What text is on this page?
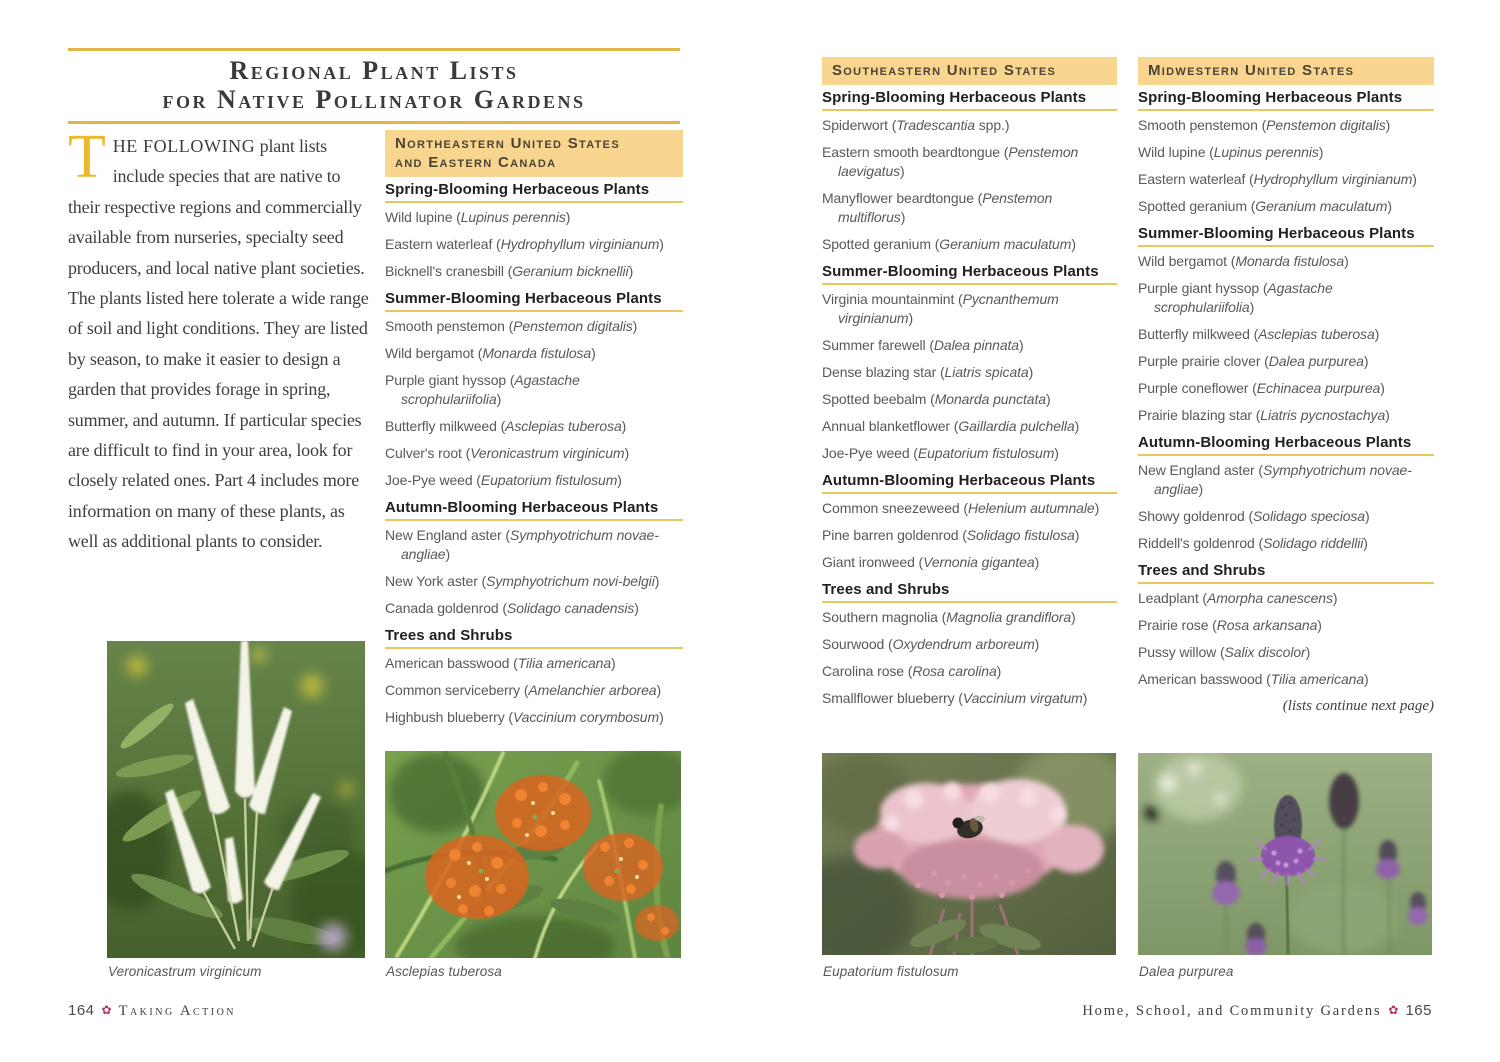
Regional Plant Lists
for Native Pollinator Gardens
THE FOLLOWING plant lists include species that are native to their respective regions and commercially available from nurseries, specialty seed producers, and local native plant societies. The plants listed here tolerate a wide range of soil and light conditions. They are listed by season, to make it easier to design a garden that provides forage in spring, summer, and autumn. If particular species are difficult to find in your area, look for closely related ones. Part 4 includes more information on many of these plants, as well as additional plants to consider.
Northeastern United States
and Eastern Canada
Spring-Blooming Herbaceous Plants
Wild lupine (Lupinus perennis)
Eastern waterleaf (Hydrophyllum virginianum)
Bicknell's cranesbill (Geranium bicknellii)
Summer-Blooming Herbaceous Plants
Smooth penstemon (Penstemon digitalis)
Wild bergamot (Monarda fistulosa)
Purple giant hyssop (Agastache scrophulariifolia)
Butterfly milkweed (Asclepias tuberosa)
Culver's root (Veronicastrum virginicum)
Joe-Pye weed (Eupatorium fistulosum)
Autumn-Blooming Herbaceous Plants
New England aster (Symphyotrichum novae-angliae)
New York aster (Symphyotrichum novi-belgii)
Canada goldenrod (Solidago canadensis)
Trees and Shrubs
American basswood (Tilia americana)
Common serviceberry (Amelanchier arborea)
Highbush blueberry (Vaccinium corymbosum)
Southeastern United States
Spring-Blooming Herbaceous Plants
Spiderwort (Tradescantia spp.)
Eastern smooth beardtongue (Penstemon laevigatus)
Manyflower beardtongue (Penstemon multiflorus)
Spotted geranium (Geranium maculatum)
Summer-Blooming Herbaceous Plants
Virginia mountainmint (Pycnanthemum virginianum)
Summer farewell (Dalea pinnata)
Dense blazing star (Liatris spicata)
Spotted beebalm (Monarda punctata)
Annual blanketflower (Gaillardia pulchella)
Joe-Pye weed (Eupatorium fistulosum)
Autumn-Blooming Herbaceous Plants
Common sneezeweed (Helenium autumnale)
Pine barren goldenrod (Solidago fistulosa)
Giant ironweed (Vernonia gigantea)
Trees and Shrubs
Southern magnolia (Magnolia grandiflora)
Sourwood (Oxydendrum arboreum)
Carolina rose (Rosa carolina)
Smallflower blueberry (Vaccinium virgatum)
Midwestern United States
Spring-Blooming Herbaceous Plants
Smooth penstemon (Penstemon digitalis)
Wild lupine (Lupinus perennis)
Eastern waterleaf (Hydrophyllum virginianum)
Spotted geranium (Geranium maculatum)
Summer-Blooming Herbaceous Plants
Wild bergamot (Monarda fistulosa)
Purple giant hyssop (Agastache scrophulariifolia)
Butterfly milkweed (Asclepias tuberosa)
Purple prairie clover (Dalea purpurea)
Purple coneflower (Echinacea purpurea)
Prairie blazing star (Liatris pycnostachya)
Autumn-Blooming Herbaceous Plants
New England aster (Symphyotrichum novae-angliae)
Showy goldenrod (Solidago speciosa)
Riddell's goldenrod (Solidago riddellii)
Trees and Shrubs
Leadplant (Amorpha canescens)
Prairie rose (Rosa arkansana)
Pussy willow (Salix discolor)
American basswood (Tilia americana)
(lists continue next page)
Veronicastrum virginicum	Asclepias tuberosa	Eupatorium fistulosum	Dalea purpurea
164 ✿ Taking Action	Home, School, and Community Gardens ✿ 165
